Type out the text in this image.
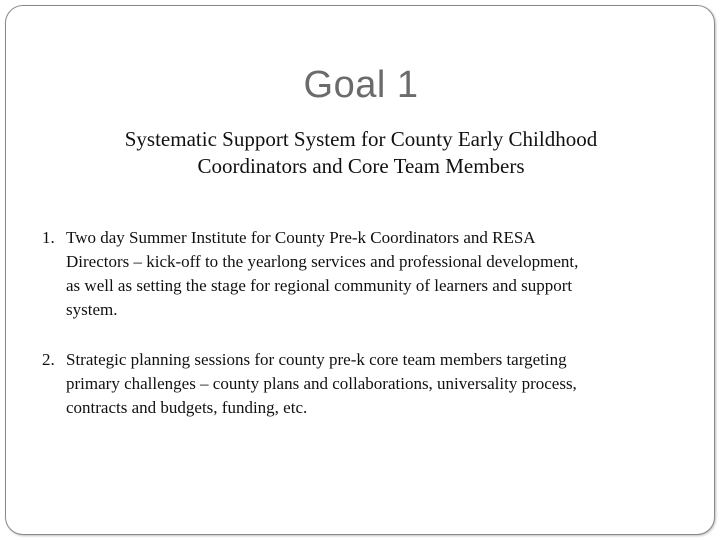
Goal 1
Systematic Support System for County Early Childhood
Coordinators and Core Team Members
1. Two day Summer Institute for County Pre-k Coordinators and RESA
Directors – kick-off to the yearlong services and professional development,
as well as setting the stage for regional community of learners and support
system.
2. Strategic planning sessions for county pre-k core team members targeting
primary challenges – county plans and collaborations, universality process,
contracts and budgets, funding, etc.
